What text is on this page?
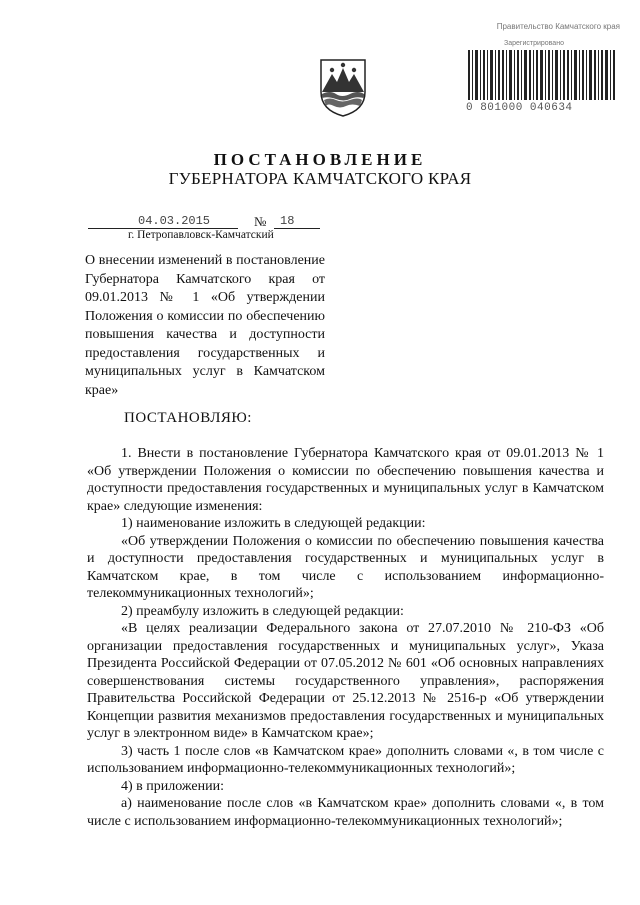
Правительство Камчатского края
Зарегистрировано
0 801000 040634
ПОСТАНОВЛЕНИЕ
ГУБЕРНАТОРА КАМЧАТСКОГО КРАЯ
04.03.2015	№ 18
г. Петропавловск-Камчатский
О внесении изменений в постановление Губернатора Камчатского края от 09.01.2013 № 1 «Об утверждении Положения о комиссии по обеспечению повышения качества и доступности предоставления государственных и муниципальных услуг в Камчатском крае»
ПОСТАНОВЛЯЮ:

1. Внести в постановление Губернатора Камчатского края от 09.01.2013 № 1 «Об утверждении Положения о комиссии по обеспечению повышения качества и доступности предоставления государственных и муниципальных услуг в Камчатском крае» следующие изменения:

1) наименование изложить в следующей редакции:

«Об утверждении Положения о комиссии по обеспечению повышения качества и доступности предоставления государственных и муниципальных услуг в Камчатском крае, в том числе с использованием информационно-телекоммуникационных технологий»;

2) преамбулу изложить в следующей редакции:

«В целях реализации Федерального закона от 27.07.2010 № 210-ФЗ «Об организации предоставления государственных и муниципальных услуг», Указа Президента Российской Федерации от 07.05.2012 № 601 «Об основных направлениях совершенствования системы государственного управления», распоряжения Правительства Российской Федерации от 25.12.2013 № 2516-р «Об утверждении Концепции развития механизмов предоставления государственных и муниципальных услуг в электронном виде» в Камчатском крае»;

3) часть 1 после слов «в Камчатском крае» дополнить словами «, в том числе с использованием информационно-телекоммуникационных технологий»;

4) в приложении:

а) наименование после слов «в Камчатском крае» дополнить словами «, в том числе с использованием информационно-телекоммуникационных технологий»;
